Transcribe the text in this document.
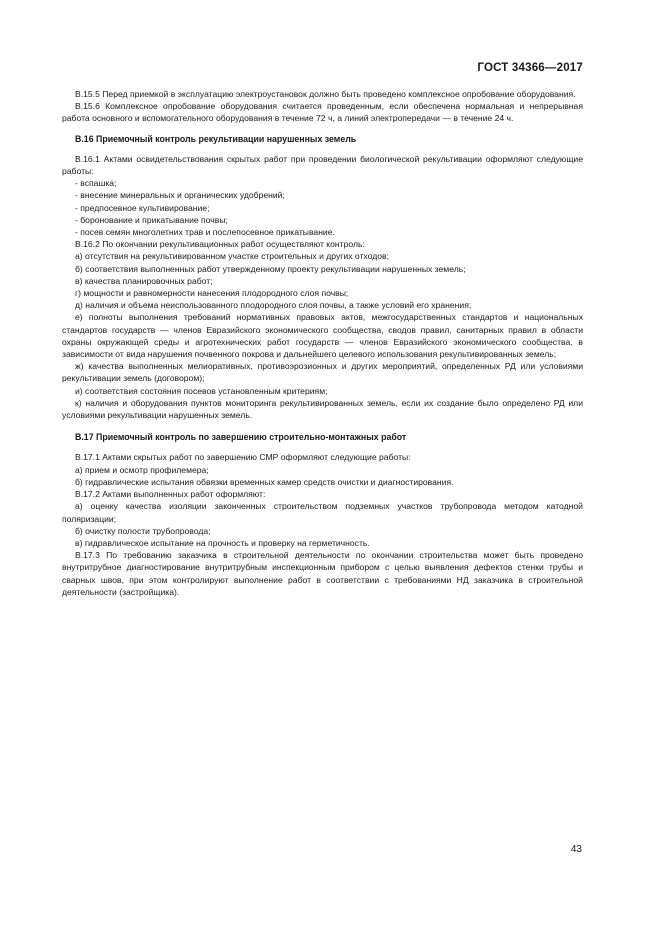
ГОСТ 34366—2017

В.15.5 Перед приемкой в эксплуатацию электроустановок должно быть проведено комплексное опробование оборудования.

В.15.6 Комплексное опробование оборудования считается проведенным, если обеспечена нормальная и непрерывная работа основного и вспомогательного оборудования в течение 72 ч, а линий электропередачи — в течение 24 ч.

В.16 Приемочный контроль рекультивации нарушенных земель

В.16.1 Актами освидетельствования скрытых работ при проведении биологической рекультивации оформляют следующие работы:

- вспашка;

- внесение минеральных и органических удобрений;

- предпосевное культивирование;

- боронование и прикатывание почвы;

- посев семян многолетних трав и послепосевное прикатывание.

В.16.2 По окончании рекультивационных работ осуществляют контроль:

а) отсутствия на рекультивированном участке строительных и других отходов;

б) соответствия выполненных работ утвержденному проекту рекультивации нарушенных земель;

в) качества планировочных работ;

г) мощности и равномерности нанесения плодородного слоя почвы;

д) наличия и объема неиспользованного плодородного слоя почвы, а также условий его хранения;

е) полноты выполнения требований нормативных правовых актов, межгосударственных стандартов и национальных стандартов государств — членов Евразийского экономического сообщества, сводов правил, санитарных правил в области охраны окружающей среды и агротехнических работ государств — членов Евразийского экономического сообщества, в зависимости от вида нарушения почвенного покрова и дальнейшего целевого использования рекультивированных земель;

ж) качества выполненных мелиоративных, противоэрозионных и других мероприятий, определенных РД или условиями рекультивации земель (договором);

и) соответствия состояния посевов установленным критериям;

к) наличия и оборудования пунктов мониторинга рекультивированных земель, если их создание было определено РД или условиями рекультивации нарушенных земель.

В.17 Приемочный контроль по завершению строительно-монтажных работ

В.17.1 Актами скрытых работ по завершению СМР оформляют следующие работы:

а) прием и осмотр профилемера;

б) гидравлические испытания обвязки временных камер средств очистки и диагностирования.

В.17.2 Актами выполненных работ оформляют:

а) оценку качества изоляции законченных строительством подземных участков трубопровода методом катодной поляризации;

б) очистку полости трубопровода;

в) гидравлическое испытание на прочность и проверку на герметичность.

В.17.3 По требованию заказчика в строительной деятельности по окончании строительства может быть проведено внутритрубное диагностирование внутритрубным инспекционным прибором с целью выявления дефектов стенки трубы и сварных швов, при этом контролируют выполнение работ в соответствии с требованиями НД заказчика в строительной деятельности (застройщика).

43
